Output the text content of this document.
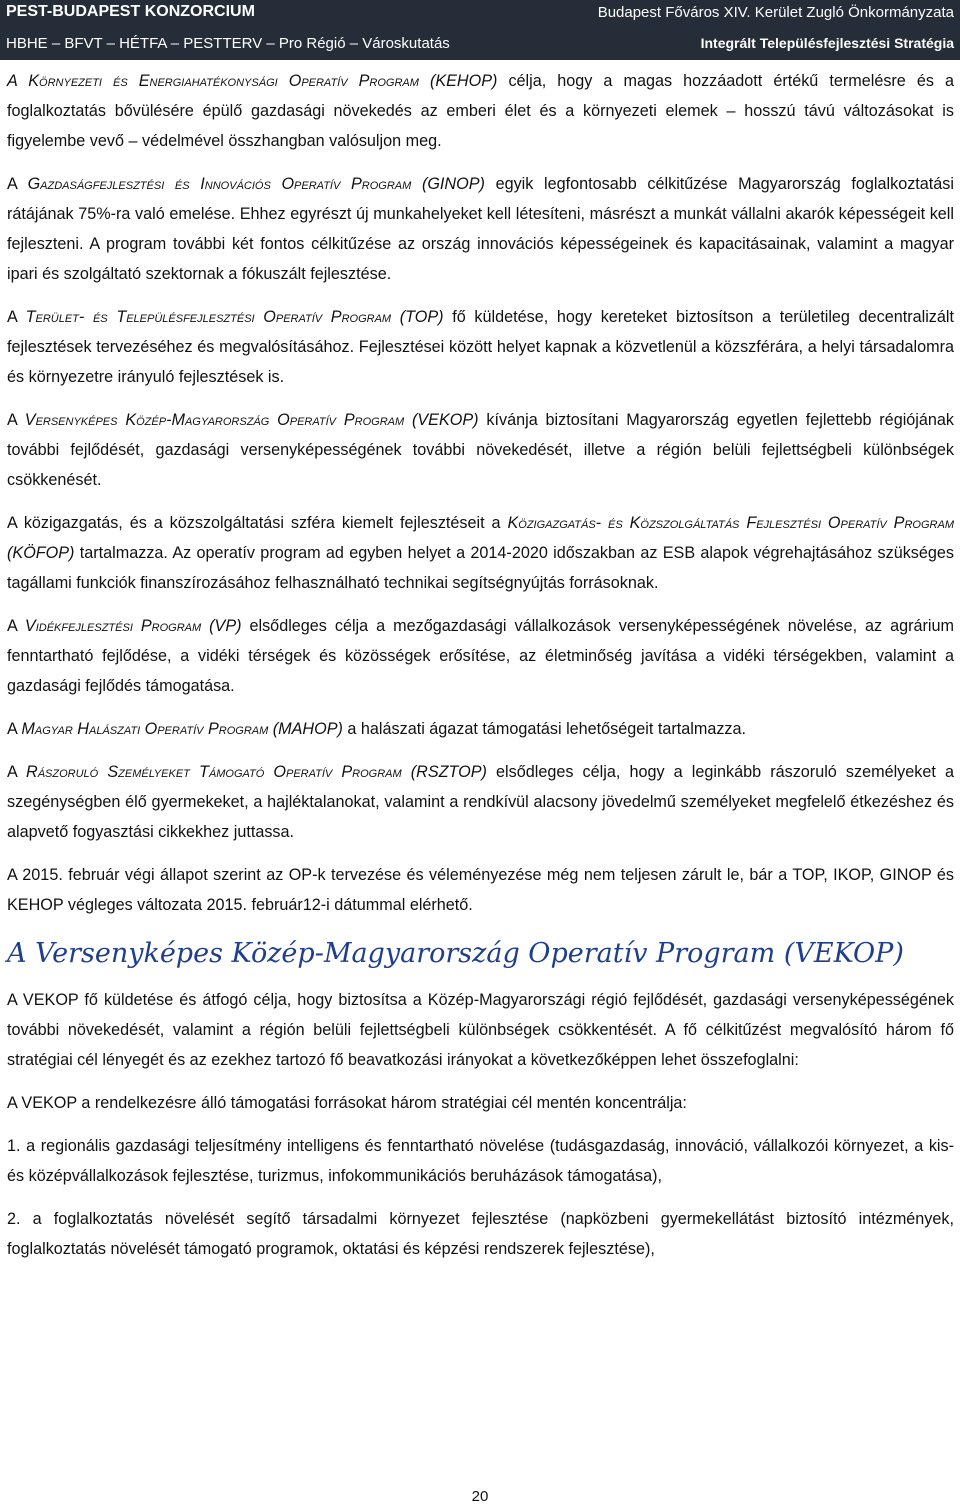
PEST-BUDAPEST KONZORCIUM	Budapest Főváros XIV. Kerület Zugló Önkormányzata
HBHE – BFVT – HÉTFA – PESTTERV – Pro Régió – Városkutatás	Integrált Településfejlesztési Stratégia

A Környezeti és Energiahatékonysági Operatív Program (KEHOP) célja, hogy a magas hozzáadott értékű termelésre és a foglalkoztatás bővülésére épülő gazdasági növekedés az emberi élet és a környezeti elemek – hosszú távú változásokat is figyelembe vevő – védelmével összhangban valósuljon meg.

A Gazdaságfejlesztési és Innovációs Operatív Program (GINOP) egyik legfontosabb célkitűzése Magyarország foglalkoztatási rátájának 75%-ra való emelése. Ehhez egyrészt új munkahelyeket kell létesíteni, másrészt a munkát vállalni akarók képességeit kell fejleszteni. A program további két fontos célkitűzése az ország innovációs képességeinek és kapacitásainak, valamint a magyar ipari és szolgáltató szektornak a fókuszált fejlesztése.

A Terület- és Településfejlesztési Operatív Program (TOP) fő küldetése, hogy kereteket biztosítson a területileg decentralizált fejlesztések tervezéséhez és megvalósításához. Fejlesztései között helyet kapnak a közvetlenül a közszférára, a helyi társadalomra és környezetre irányuló fejlesztések is.

A Versenyképes Közép-Magyarország Operatív Program (VEKOP) kívánja biztosítani Magyarország egyetlen fejlettebb régiójának további fejlődését, gazdasági versenyképességének további növekedését, illetve a régión belüli fejlettségbeli különbségek csökkenését.

A közigazgatás, és a közszolgáltatási szféra kiemelt fejlesztéseit a Közigazgatás- és Közszolgáltatás Fejlesztési Operatív Program (KÖFOP) tartalmazza. Az operatív program ad egyben helyet a 2014-2020 időszakban az ESB alapok végrehajtásához szükséges tagállami funkciók finanszírozásához felhasználható technikai segítségnyújtás forrásoknak.

A Vidékfejlesztési Program (VP) elsődleges célja a mezőgazdasági vállalkozások versenyképességének növelése, az agrárium fenntartható fejlődése, a vidéki térségek és közösségek erősítése, az életminőség javítása a vidéki térségekben, valamint a gazdasági fejlődés támogatása.

A Magyar Halászati Operatív Program (MAHOP) a halászati ágazat támogatási lehetőségeit tartalmazza.

A Rászoruló Személyeket Támogató Operatív Program (RSZTOP) elsődleges célja, hogy a leginkább rászoruló személyeket a szegénységben élő gyermekeket, a hajléktalanokat, valamint a rendkívül alacsony jövedelmű személyeket megfelelő étkezéshez és alapvető fogyasztási cikkekhez juttassa.

A 2015. február végi állapot szerint az OP-k tervezése és véleményezése még nem teljesen zárult le, bár a TOP, IKOP, GINOP és KEHOP végleges változata 2015. február12-i dátummal elérhető.

A Versenyképes Közép-Magyarország Operatív Program (VEKOP)

A VEKOP fő küldetése és átfogó célja, hogy biztosítsa a Közép-Magyarországi régió fejlődését, gazdasági versenyképességének további növekedését, valamint a régión belüli fejlettségbeli különbségek csökkentését. A fő célkitűzést megvalósító három fő stratégiai cél lényegét és az ezekhez tartozó fő beavatkozási irányokat a következőképpen lehet összefoglalni:

A VEKOP a rendelkezésre álló támogatási forrásokat három stratégiai cél mentén koncentrálja:

1. a regionális gazdasági teljesítmény intelligens és fenntartható növelése (tudásgazdaság, innováció, vállalkozói környezet, a kis- és középvállalkozások fejlesztése, turizmus, infokommunikációs beruházások támogatása),

2. a foglalkoztatás növelését segítő társadalmi környezet fejlesztése (napközbeni gyermekellátást biztosító intézmények, foglalkoztatás növelését támogató programok, oktatási és képzési rendszerek fejlesztése),

20
